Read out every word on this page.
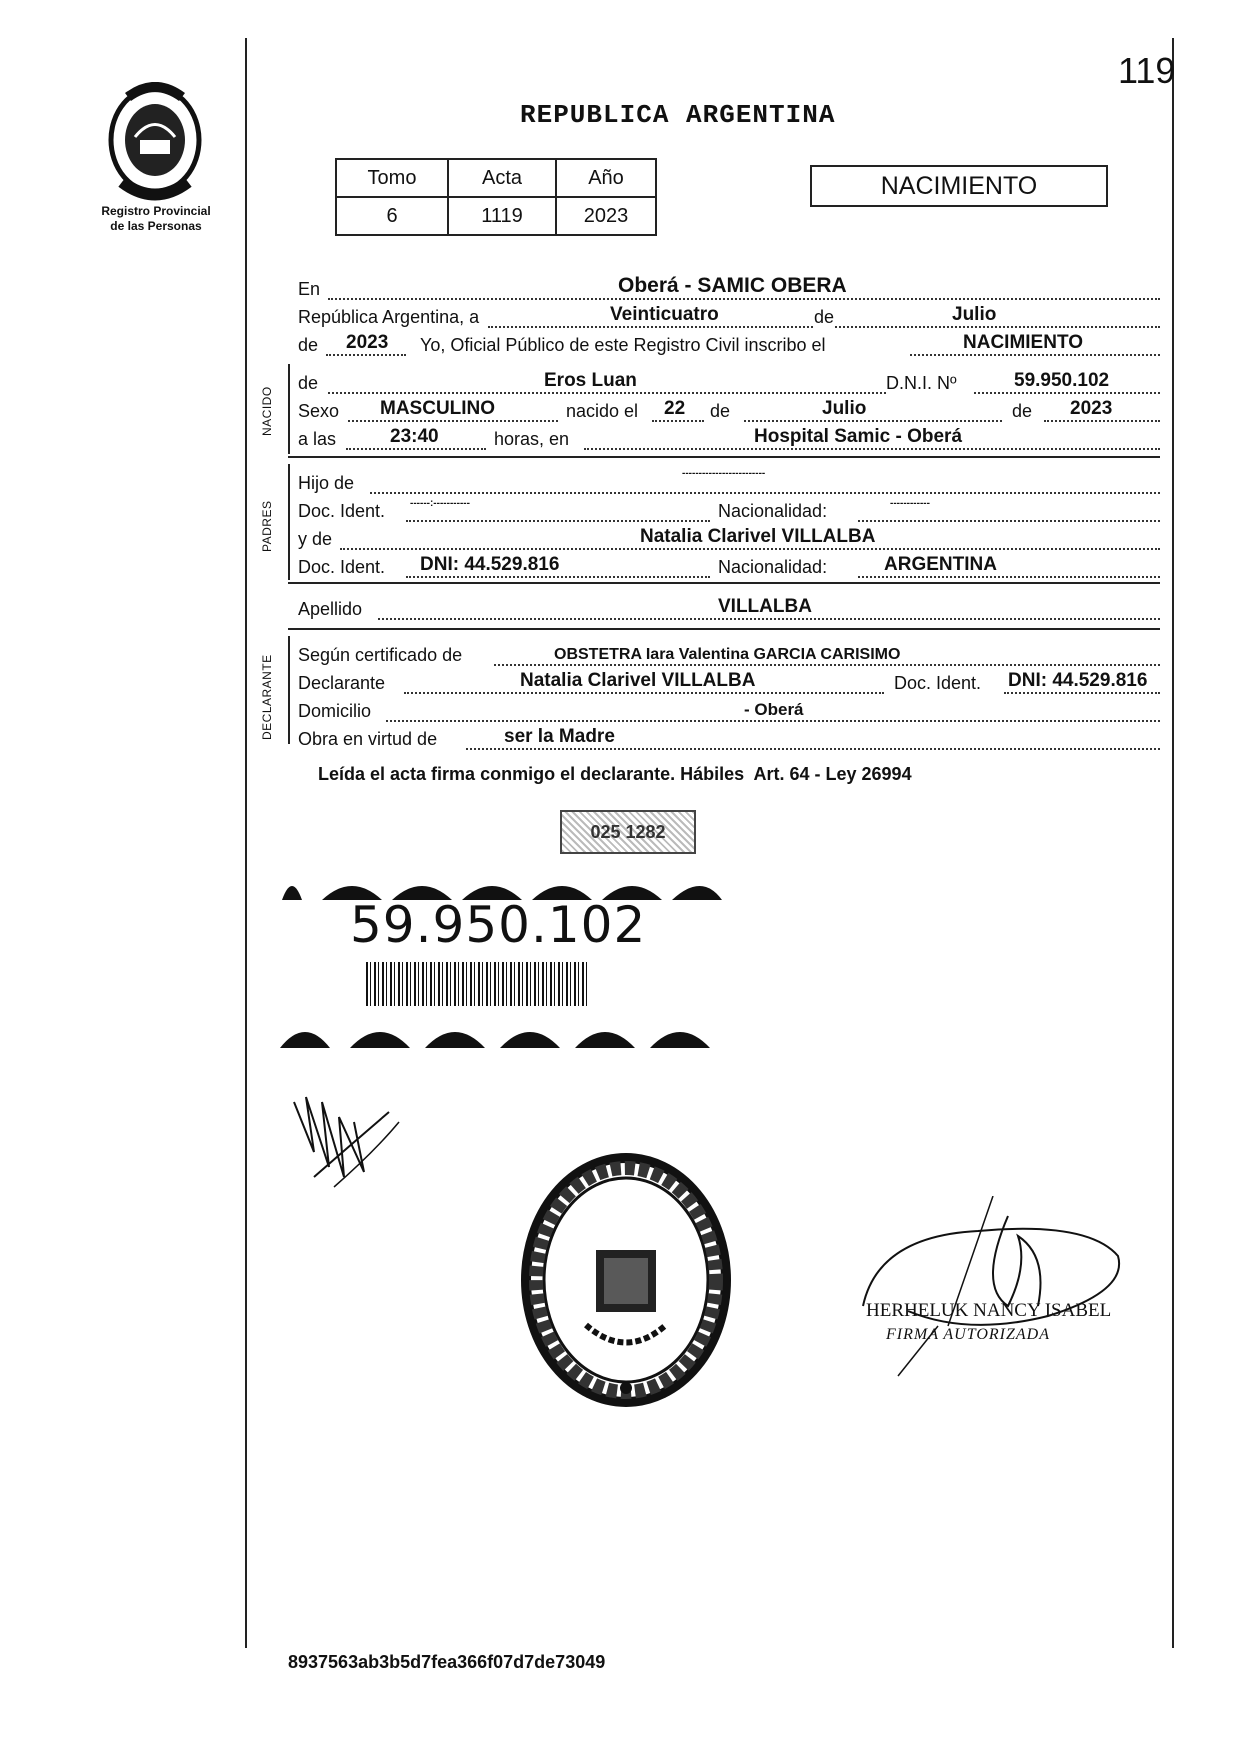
119
Registro Provincial
de las Personas
REPUBLICA ARGENTINA
Tomo	Acta	Año
6	1119	2023
NACIMIENTO
En	Oberá - SAMIC OBERA
República Argentina, a	Veinticuatro	de	Julio
de 2023 Yo, Oficial Público de este Registro Civil inscribo el	NACIMIENTO
NACIDO
de	Eros Luan	D.N.I. Nº	59.950.102
Sexo MASCULINO	nacido el 22 de	Julio	de 2023
a las	23:40	horas, en	Hospital Samic - Oberá
PADRES
Hijo de	-------------------------
Doc. Ident. ------:-----------	Nacionalidad:	------------
y de	Natalia Clarivel VILLALBA
Doc. Ident. DNI: 44.529.816	Nacionalidad:	ARGENTINA
Apellido	VILLALBA
DECLARANTE Según certificado de	OBSTETRA Iara Valentina GARCIA CARISIMO
Declarante	Natalia Clarivel VILLALBA	Doc. Ident. DNI: 44.529.816
Domicilio	- Oberá
Obra en virtud de	ser la Madre
Leída el acta firma conmigo el declarante. Hábiles  Art. 64 - Ley 26994
025 1282
59.950.102
HERHELUK NANCY ISABEL
FIRMA AUTORIZADA
8937563ab3b5d7fea366f07d7de73049
